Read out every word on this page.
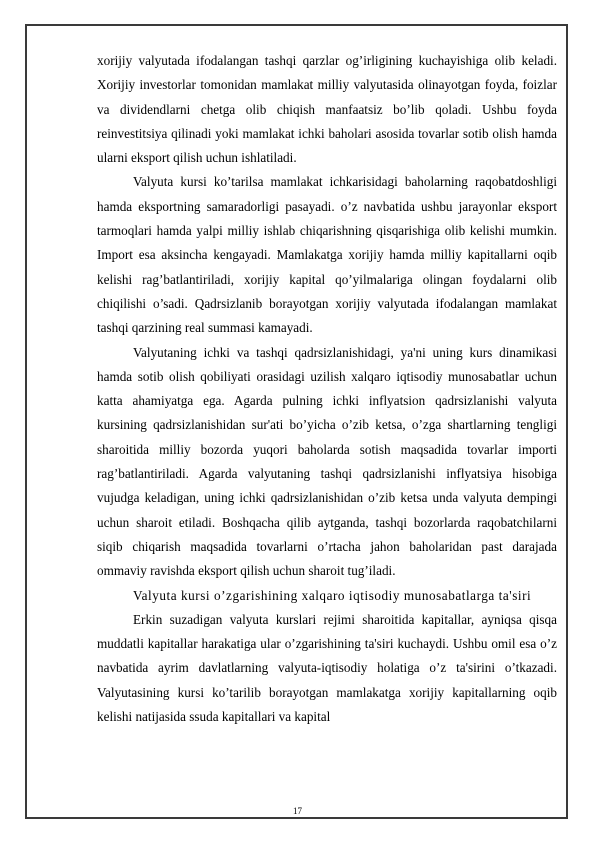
xorijiy valyutada ifodalangan tashqi qarzlar og’irligining kuchayishiga olib keladi. Xorijiy investorlar tomonidan mamlakat milliy valyutasida olinayotgan foyda, foizlar va dividendlarni chetga olib chiqish manfaatsiz bo’lib qoladi. Ushbu foyda reinvestitsiya qilinadi yoki mamlakat ichki baholari asosida tovarlar sotib olish hamda ularni eksport qilish uchun ishlatiladi.

Valyuta kursi ko’tarilsa mamlakat ichkarisidagi baholarning raqobatdoshligi hamda eksportning samaradorligi pasayadi. o’z navbatida ushbu jarayonlar eksport tarmoqlari hamda yalpi milliy ishlab chiqarishning qisqarishiga olib kelishi mumkin. Import esa aksincha kengayadi. Mamlakatga xorijiy hamda milliy kapitallarni oqib kelishi rag’batlantiriladi, xorijiy kapital qo’yilmalariga olingan foydalarni olib chiqilishi o’sadi. Qadrsizlanib borayotgan xorijiy valyutada ifodalangan mamlakat tashqi qarzining real summasi kamayadi.

Valyutaning ichki va tashqi qadrsizlanishidagi, ya'ni uning kurs dinamikasi hamda sotib olish qobiliyati orasidagi uzilish xalqaro iqtisodiy munosabatlar uchun katta ahamiyatga ega. Agarda pulning ichki inflyatsion qadrsizlanishi valyuta kursining qadrsizlanishidan sur'ati bo’yicha o’zib ketsa, o’zga shartlarning tengligi sharoitida milliy bozorda yuqori baholarda sotish maqsadida tovarlar importi rag’batlantiriladi. Agarda valyutaning tashqi qadrsizlanishi inflyatsiya hisobiga vujudga keladigan, uning ichki qadrsizlanishidan o’zib ketsa unda valyuta dempingi uchun sharoit etiladi. Boshqacha qilib aytganda, tashqi bozorlarda raqobatchilarni siqib chiqarish maqsadida tovarlarni o’rtacha jahon baholaridan past darajada ommaviy ravishda eksport qilish uchun sharoit tug’iladi.

Valyuta kursi o’zgarishining xalqaro iqtisodiy munosabatlarga ta'siri

Erkin suzadigan valyuta kurslari rejimi sharoitida kapitallar, ayniqsa qisqa muddatli kapitallar harakatiga ular o’zgarishining ta'siri kuchaydi. Ushbu omil esa o’z navbatida ayrim davlatlarning valyuta-iqtisodiy holatiga o’z ta'sirini o’tkazadi. Valyutasining kursi ko’tarilib borayotgan mamlakatga xorijiy kapitallarning oqib kelishi natijasida ssuda kapitallari va kapital

17
